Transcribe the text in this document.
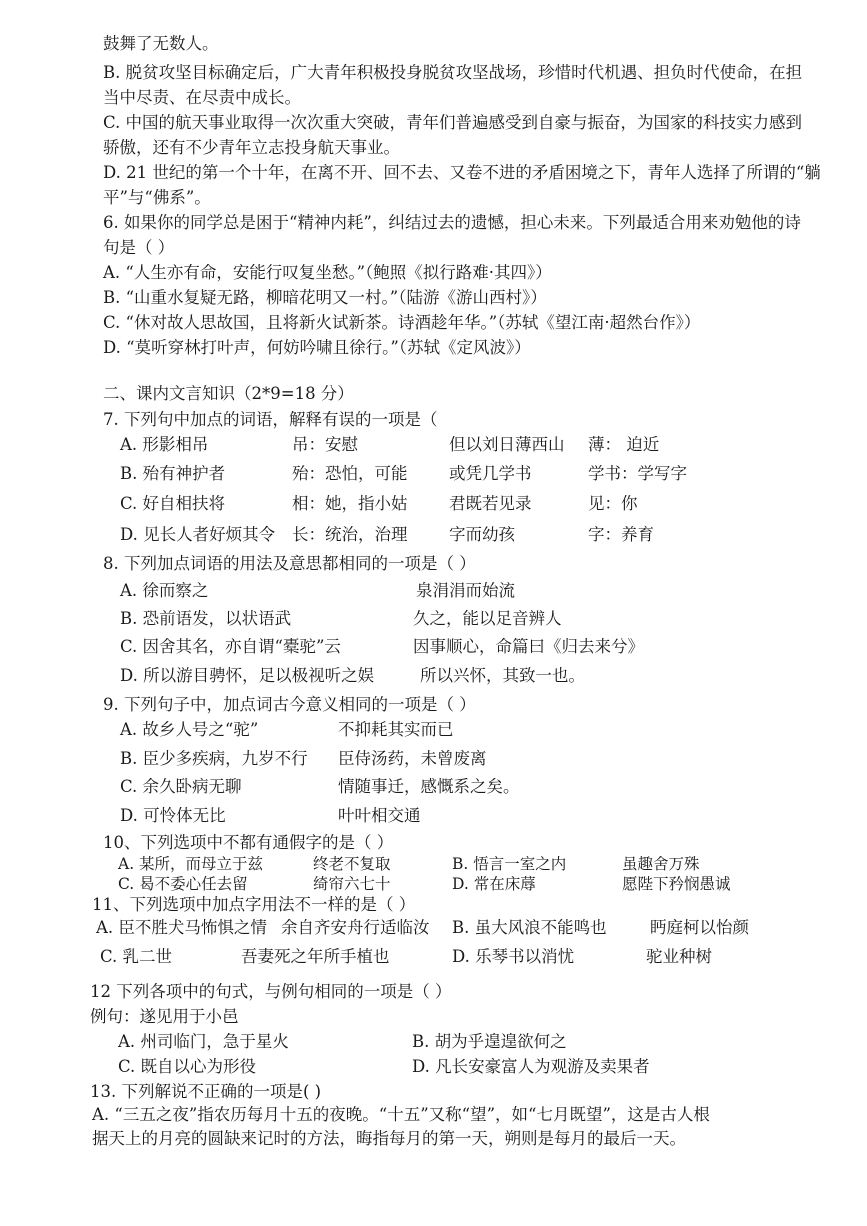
鼓舞了无数人。
B. 脱贫攻坚目标确定后，广大青年积极投身脱贫攻坚战场，珍惜时代机遇、担负时代使命，在担
当中尽责、在尽责中成长。
C. 中国的航天事业取得一次次重大突破，青年们普遍感受到自豪与振奋，为国家的科技实力感到
骄傲，还有不少青年立志投身航天事业。
D. 21 世纪的第一个十年，在离不开、回不去、又卷不进的矛盾困境之下，青年人选择了所谓的“躺
平”与“佛系”。
6. 如果你的同学总是困于“精神内耗”，纠结过去的遗憾，担心未来。下列最适合用来劝勉他的诗
句是（ ）
A. “人生亦有命，安能行叹复坐愁。”（鲍照《拟行路难·其四》）
B. “山重水复疑无路，柳暗花明又一村。”（陆游《游山西村》）
C. “休对故人思故国，且将新火试新茶。诗酒趁年华。”（苏轼《望江南·超然台作》）
D. “莫听穿林打叶声，何妨吟啸且徐行。”（苏轼《定风波》）
二、课内文言知识（2*9=18 分）
7. 下列句中加点的词语，解释有误的一项是（
A. 形影相吊	吊：安慰	但以刘日薄西山 薄： 迫近
B. 殆有神护者	殆：恐怕，可能	或凭几学书	学书：学写字
C. 好自相扶将	相：她，指小姑	君既若见录	见：你
D. 见长人者好烦其令 长：统治，治理	字而幼孩	字：养育
8. 下列加点词语的用法及意思都相同的一项是（ ）
A. 徐而察之	泉涓涓而始流
B. 恐前语发，以状语武	久之，能以足音辨人
C. 因舍其名，亦自谓“橐驼”云	因事顺心，命篇曰《归去来兮》
D. 所以游目骋怀，足以极视听之娱	所以兴怀，其致一也。
9. 下列句子中，加点词古今意义相同的一项是（ ）
A. 故乡人号之“驼”	不抑耗其实而已
B. 臣少多疾病，九岁不行 臣侍汤药，未曾废离
C. 余久卧病无聊	情随事迁，感慨系之矣。
D. 可怜体无比	叶叶相交通
10、下列选项中不都有通假字的是（ ）
A. 某所，而母立于兹	终老不复取	B. 悟言一室之内	虽趣舍万殊
C. 曷不委心任去留	绮帘六七十	D. 常在床蓐	愿陛下矜悯愚诚
11、下列选项中加点字用法不一样的是（ ）
A. 臣不胜犬马怖惧之情 余自齐安舟行适临汝 B. 虽大风浪不能鸣也	眄庭柯以怡颜
C. 乳二世	吾妻死之年所手植也	D. 乐琴书以消忧	驼业种树
12 下列各项中的句式，与例句相同的一项是（ ）
例句：遂见用于小邑
A. 州司临门，急于星火	B. 胡为乎遑遑欲何之
C. 既自以心为形役	D. 凡长安豪富人为观游及卖果者
13. 下列解说不正确的一项是( )
A. “三五之夜”指农历每月十五的夜晚。“十五”又称“望”，如“七月既望”，这是古人根
据天上的月亮的圆缺来记时的方法，晦指每月的第一天，朔则是每月的最后一天。
